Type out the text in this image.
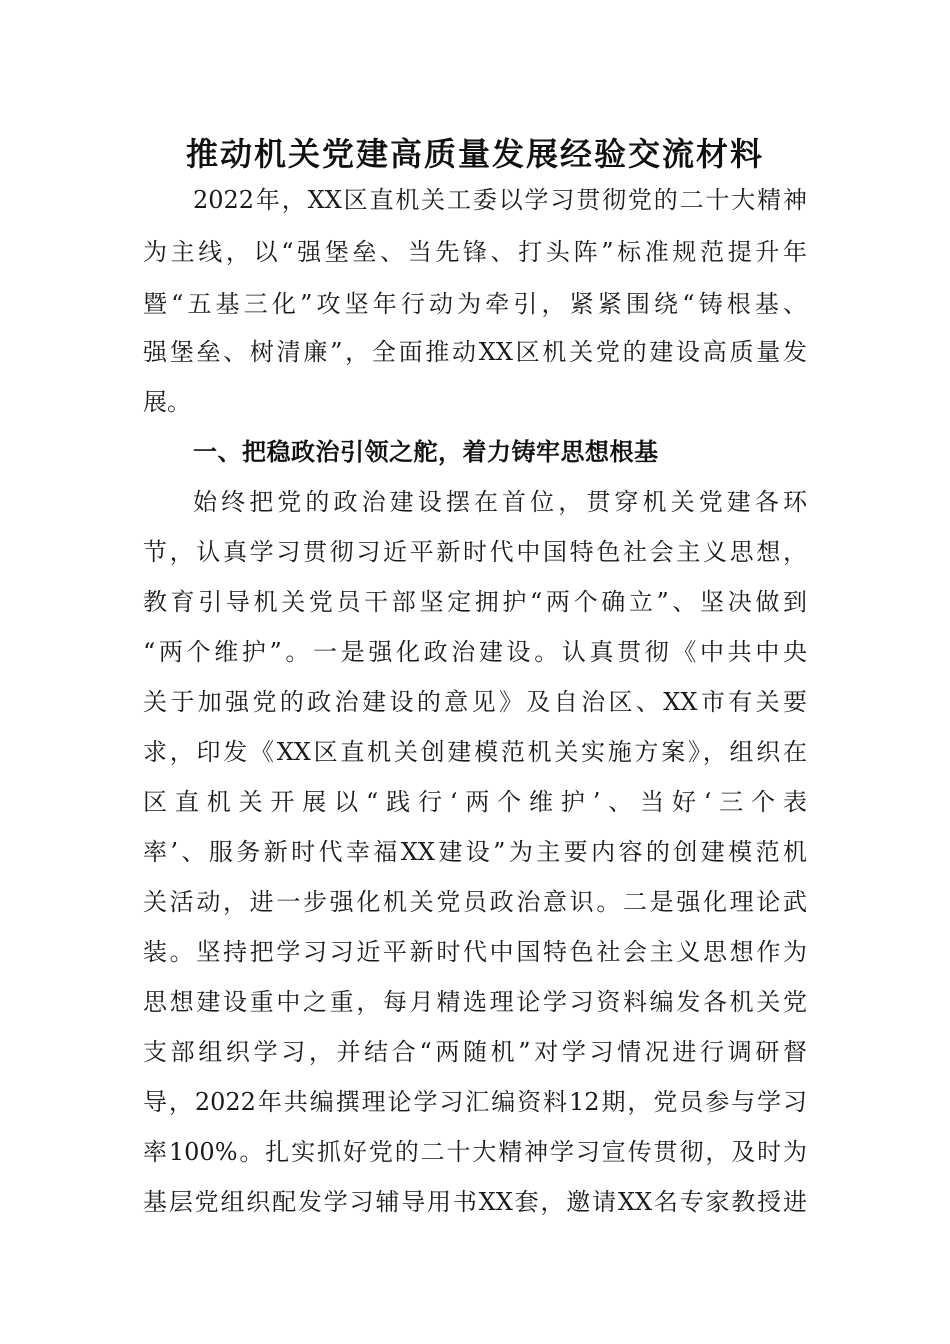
推动机关党建高质量发展经验交流材料
2022年，XX区直机关工委以学习贯彻党的二十大精神
为主线，以“强堡垒、当先锋、打头阵”标准规范提升年
暨“五基三化”攻坚年行动为牵引，紧紧围绕“铸根基、
强堡垒、树清廉”，全面推动XX区机关党的建设高质量发
展。
一、把稳政治引领之舵，着力铸牢思想根基
始终把党的政治建设摆在首位，贯穿机关党建各环
节，认真学习贯彻习近平新时代中国特色社会主义思想，
教育引导机关党员干部坚定拥护“两个确立”、坚决做到
“两个维护”。一是强化政治建设。认真贯彻《中共中央
关于加强党的政治建设的意见》及自治区、XX市有关要
求，印发《XX区直机关创建模范机关实施方案》，组织在
区直机关开展以“践行‘两个维护’、当好‘三个表
率’、服务新时代幸福XX建设”为主要内容的创建模范机
关活动，进一步强化机关党员政治意识。二是强化理论武
装。坚持把学习习近平新时代中国特色社会主义思想作为
思想建设重中之重，每月精选理论学习资料编发各机关党
支部组织学习，并结合“两随机”对学习情况进行调研督
导，2022年共编撰理论学习汇编资料12期，党员参与学习
率100%。扎实抓好党的二十大精神学习宣传贯彻，及时为
基层党组织配发学习辅导用书XX套，邀请XX名专家教授进
